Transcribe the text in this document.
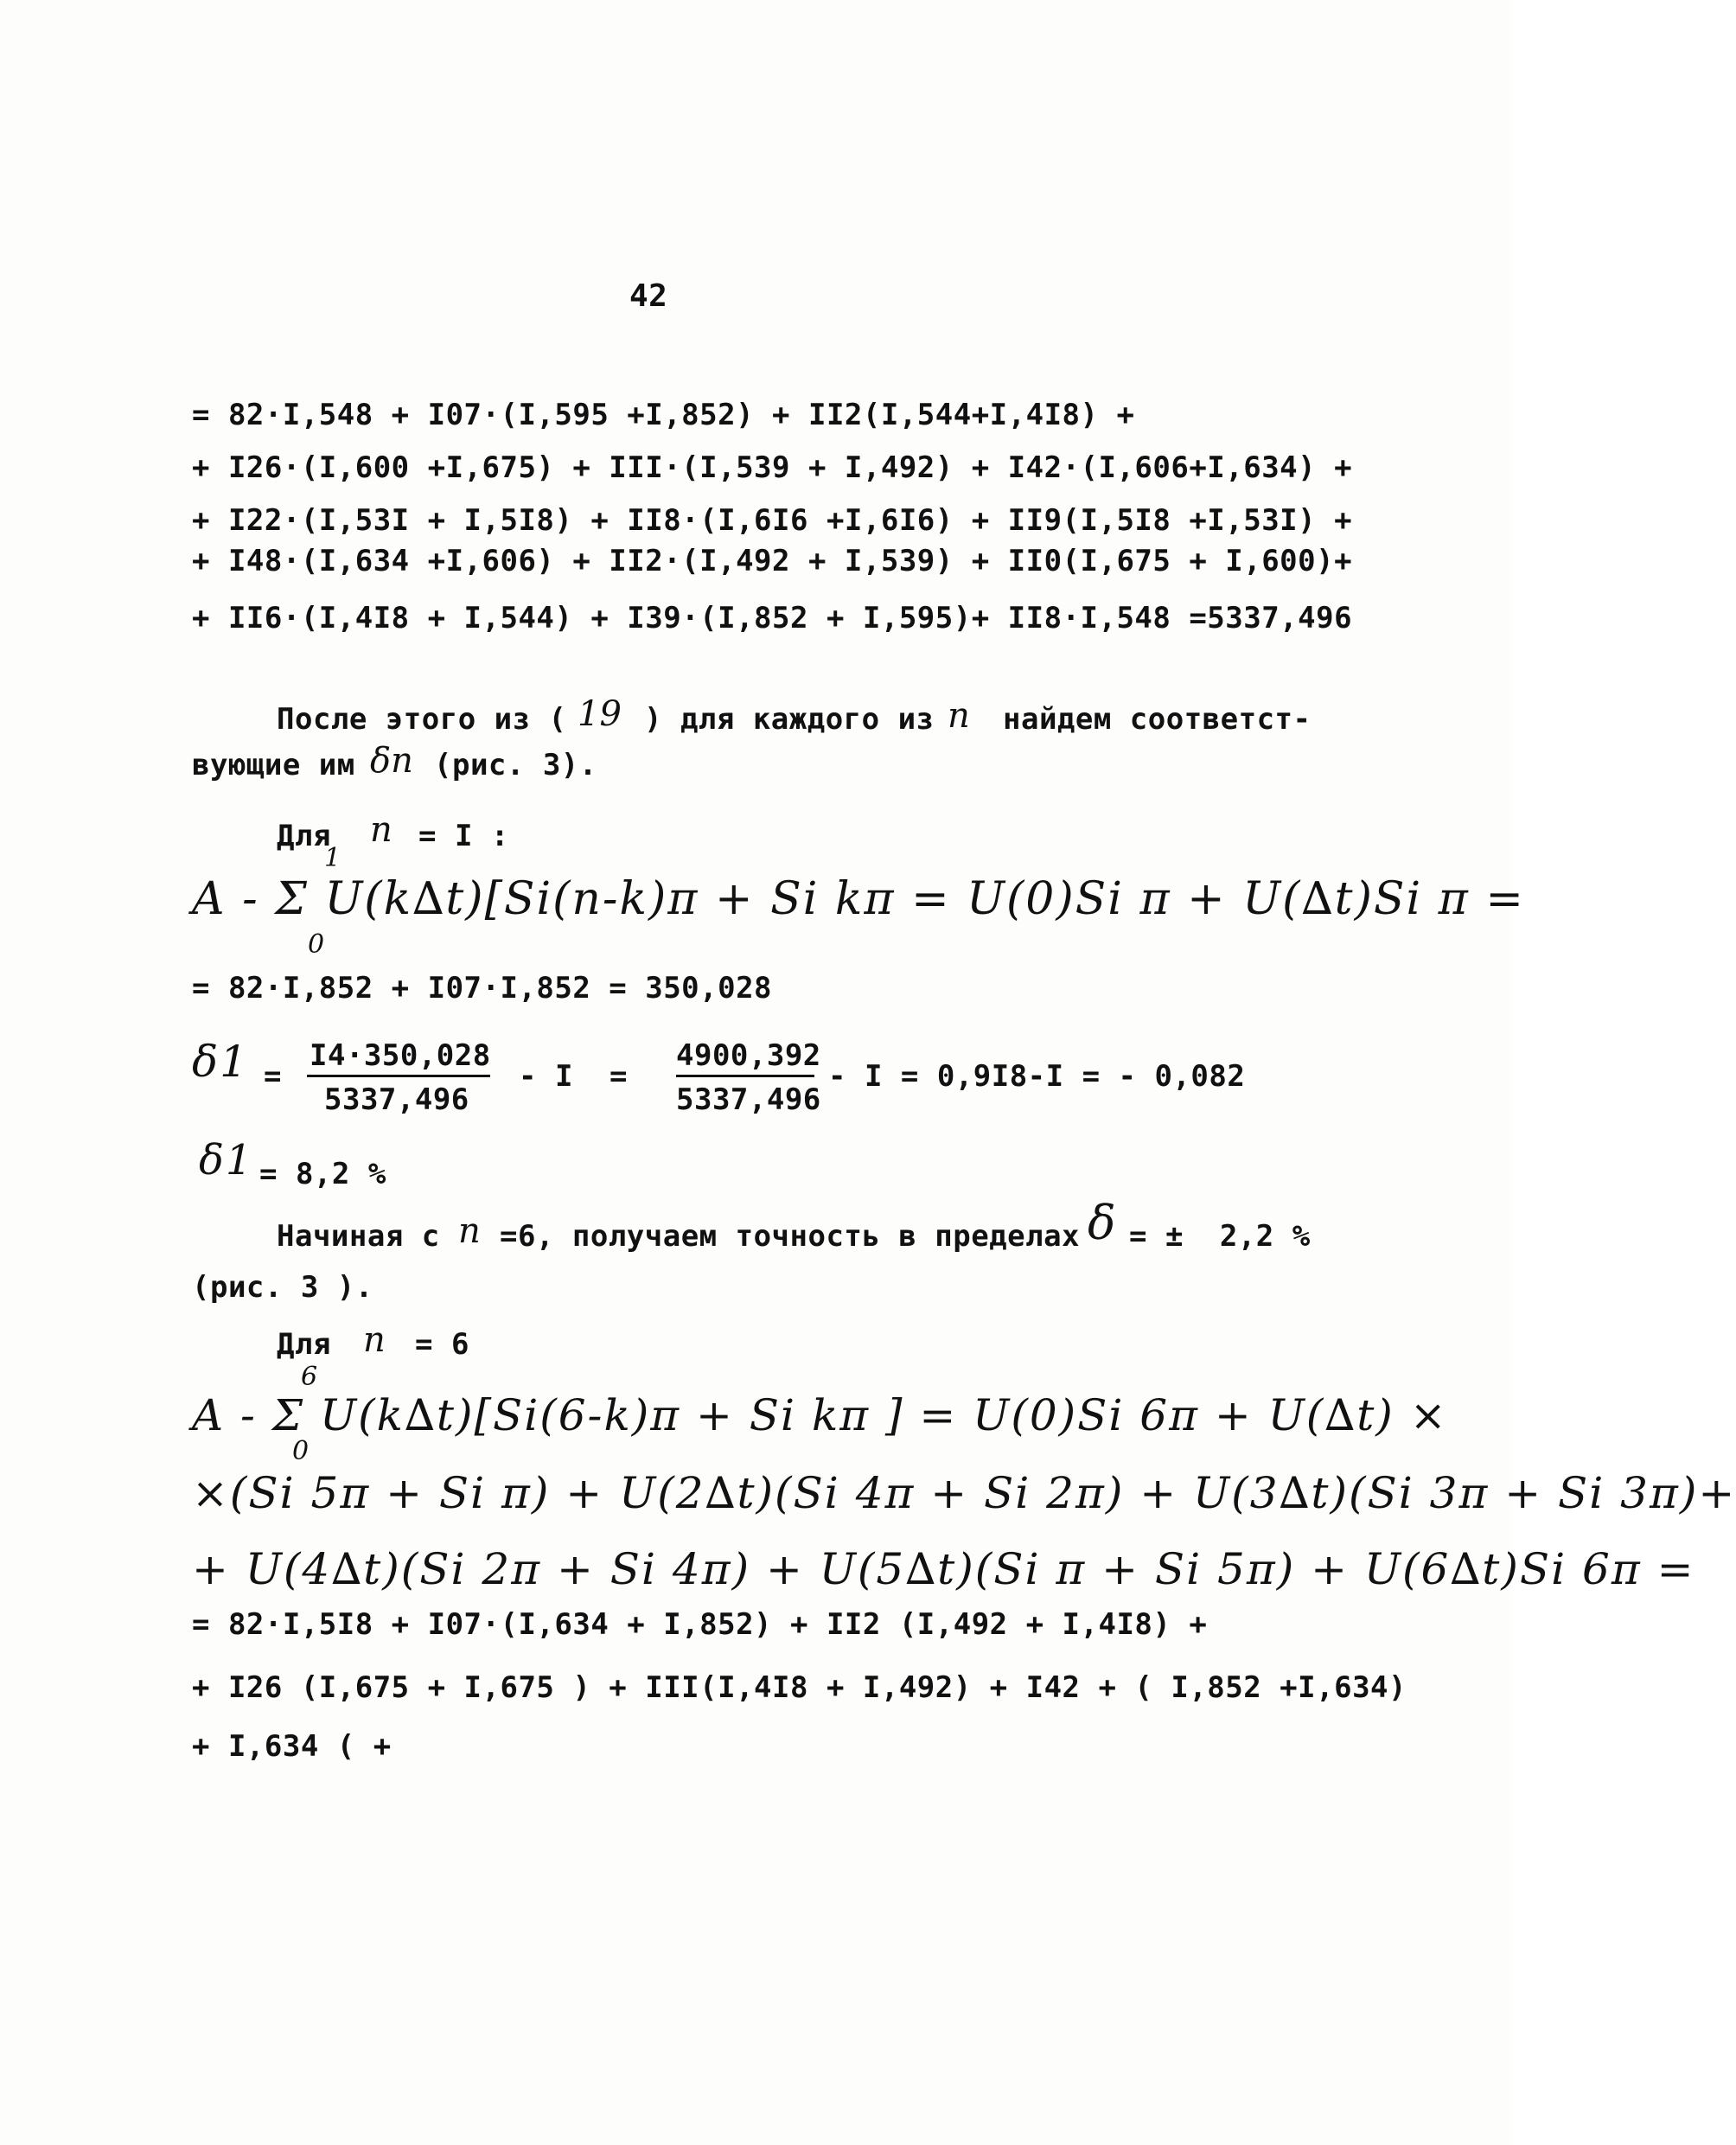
42
= 82·I,548 + I07·(I,595 +I,852) + II2(I,544+I,4I8) +
+ I26·(I,600 +I,675) + III·(I,539 + I,492) + I42·(I,606+I,634) +
+ I22·(I,53I + I,5I8) + II8·(I,6I6 +I,6I6) + II9(I,5I8 +I,53I) +
+ I48·(I,634 +I,606) + II2·(I,492 + I,539) + II0(I,675 + I,600)+
+ II6·(I,4I8 + I,544) + I39·(I,852 + I,595)+ II8·I,548 =5337,496
После этого из ( 19 ) для каждого из n найдем соответст-
вующие им δn (рис. 3).
Для n = I :
1
A - Σ U(k∆t)[Si(n-k)π + Si kπ = U(0)Si π + U(∆t)Si π =
0
= 82·I,852 + I07·I,852 = 350,028
δ1 =
I4·350,028
5337,496
- I =
4900,392
5337,496
- I = 0,9I8-I = - 0,082
δ1 = 8,2 %
Начиная с n =6, получаем точность в пределах δ = ±  2,2 %
(рис. 3 ).
Для n = 6
6
A - Σ U(k∆t)[Si(6-k)π + Si kπ ] = U(0)Si 6π + U(∆t) ×
0
×(Si 5π + Si π) + U(2∆t)(Si 4π + Si 2π) + U(3∆t)(Si 3π + Si 3π)+
+ U(4∆t)(Si 2π + Si 4π) + U(5∆t)(Si π + Si 5π) + U(6∆t)Si 6π =
= 82·I,5I8 + I07·(I,634 + I,852) + II2 (I,492 + I,4I8) +
+ I26 (I,675 + I,675 ) + III(I,4I8 + I,492) + I42 + ( I,852 +I,634)
+ I,634 ( +
